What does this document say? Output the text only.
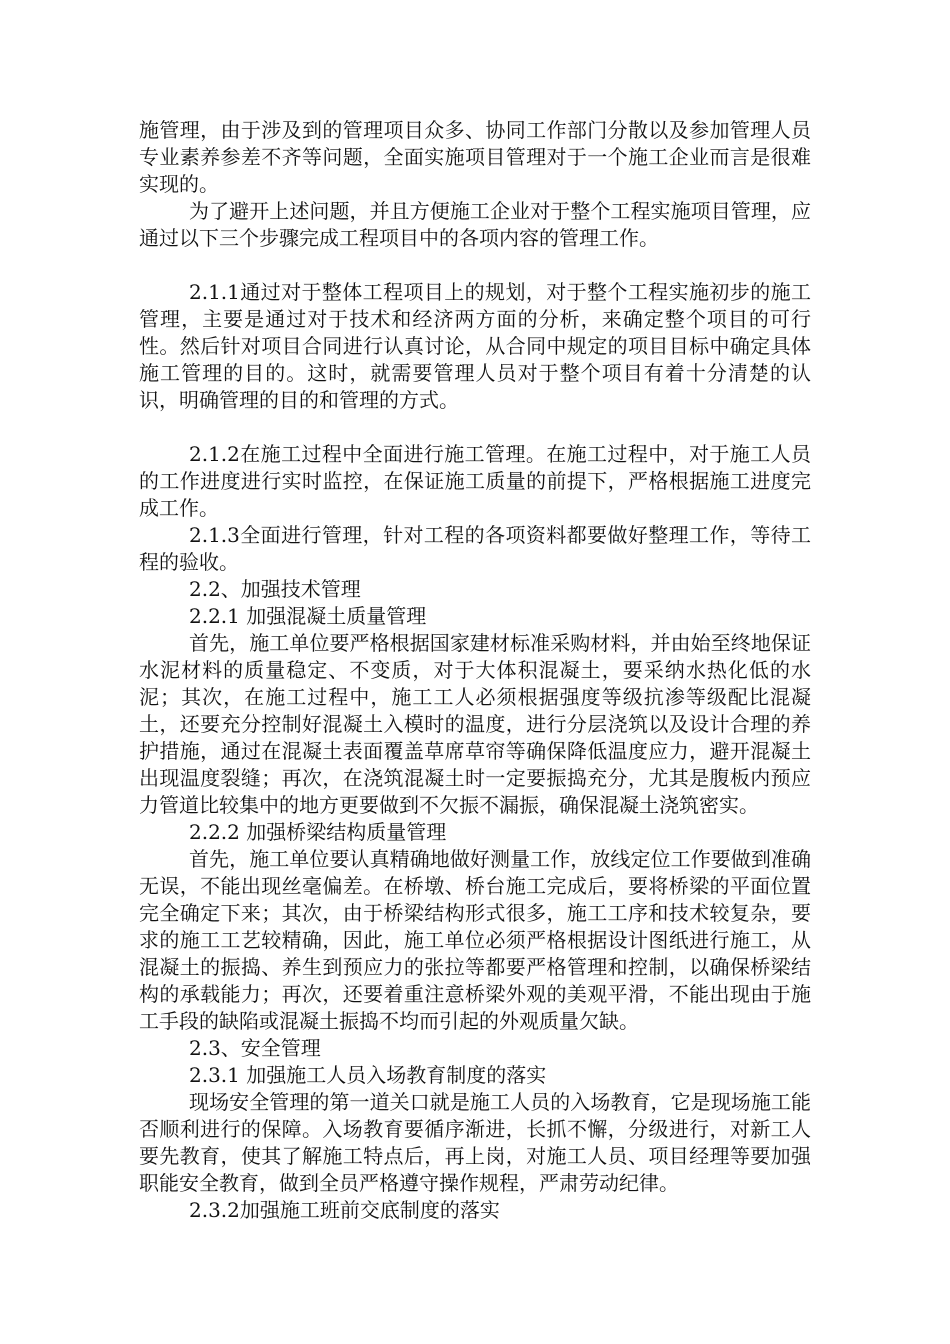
施管理，由于涉及到的管理项目众多、协同工作部门分散以及参加管理人员专业素养参差不齐等问题，全面实施项目管理对于一个施工企业而言是很难实现的。

为了避开上述问题，并且方便施工企业对于整个工程实施项目管理，应通过以下三个步骤完成工程项目中的各项内容的管理工作。

2.1.1通过对于整体工程项目上的规划，对于整个工程实施初步的施工管理，主要是通过对于技术和经济两方面的分析，来确定整个项目的可行性。然后针对项目合同进行认真讨论，从合同中规定的项目目标中确定具体施工管理的目的。这时，就需要管理人员对于整个项目有着十分清楚的认识，明确管理的目的和管理的方式。

2.1.2在施工过程中全面进行施工管理。在施工过程中，对于施工人员的工作进度进行实时监控，在保证施工质量的前提下，严格根据施工进度完成工作。

2.1.3全面进行管理，针对工程的各项资料都要做好整理工作，等待工程的验收。

2.2、加强技术管理

2.2.1 加强混凝土质量管理

首先，施工单位要严格根据国家建材标准采购材料，并由始至终地保证水泥材料的质量稳定、不变质，对于大体积混凝土，要采纳水热化低的水泥；其次，在施工过程中，施工工人必须根据强度等级抗渗等级配比混凝土，还要充分控制好混凝土入模时的温度，进行分层浇筑以及设计合理的养护措施，通过在混凝土表面覆盖草席草帘等确保降低温度应力，避开混凝土出现温度裂缝；再次，在浇筑混凝土时一定要振捣充分，尤其是腹板内预应力管道比较集中的地方更要做到不欠振不漏振，确保混凝土浇筑密实。

2.2.2 加强桥梁结构质量管理

首先，施工单位要认真精确地做好测量工作，放线定位工作要做到准确无误，不能出现丝毫偏差。在桥墩、桥台施工完成后，要将桥梁的平面位置完全确定下来；其次，由于桥梁结构形式很多，施工工序和技术较复杂，要求的施工工艺较精确，因此，施工单位必须严格根据设计图纸进行施工，从混凝土的振捣、养生到预应力的张拉等都要严格管理和控制，以确保桥梁结构的承载能力；再次，还要着重注意桥梁外观的美观平滑，不能出现由于施工手段的缺陷或混凝土振捣不均而引起的外观质量欠缺。

2.3、安全管理

2.3.1 加强施工人员入场教育制度的落实

现场安全管理的第一道关口就是施工人员的入场教育，它是现场施工能否顺利进行的保障。入场教育要循序渐进，长抓不懈，分级进行，对新工人要先教育，使其了解施工特点后，再上岗，对施工人员、项目经理等要加强职能安全教育，做到全员严格遵守操作规程，严肃劳动纪律。

2.3.2加强施工班前交底制度的落实
